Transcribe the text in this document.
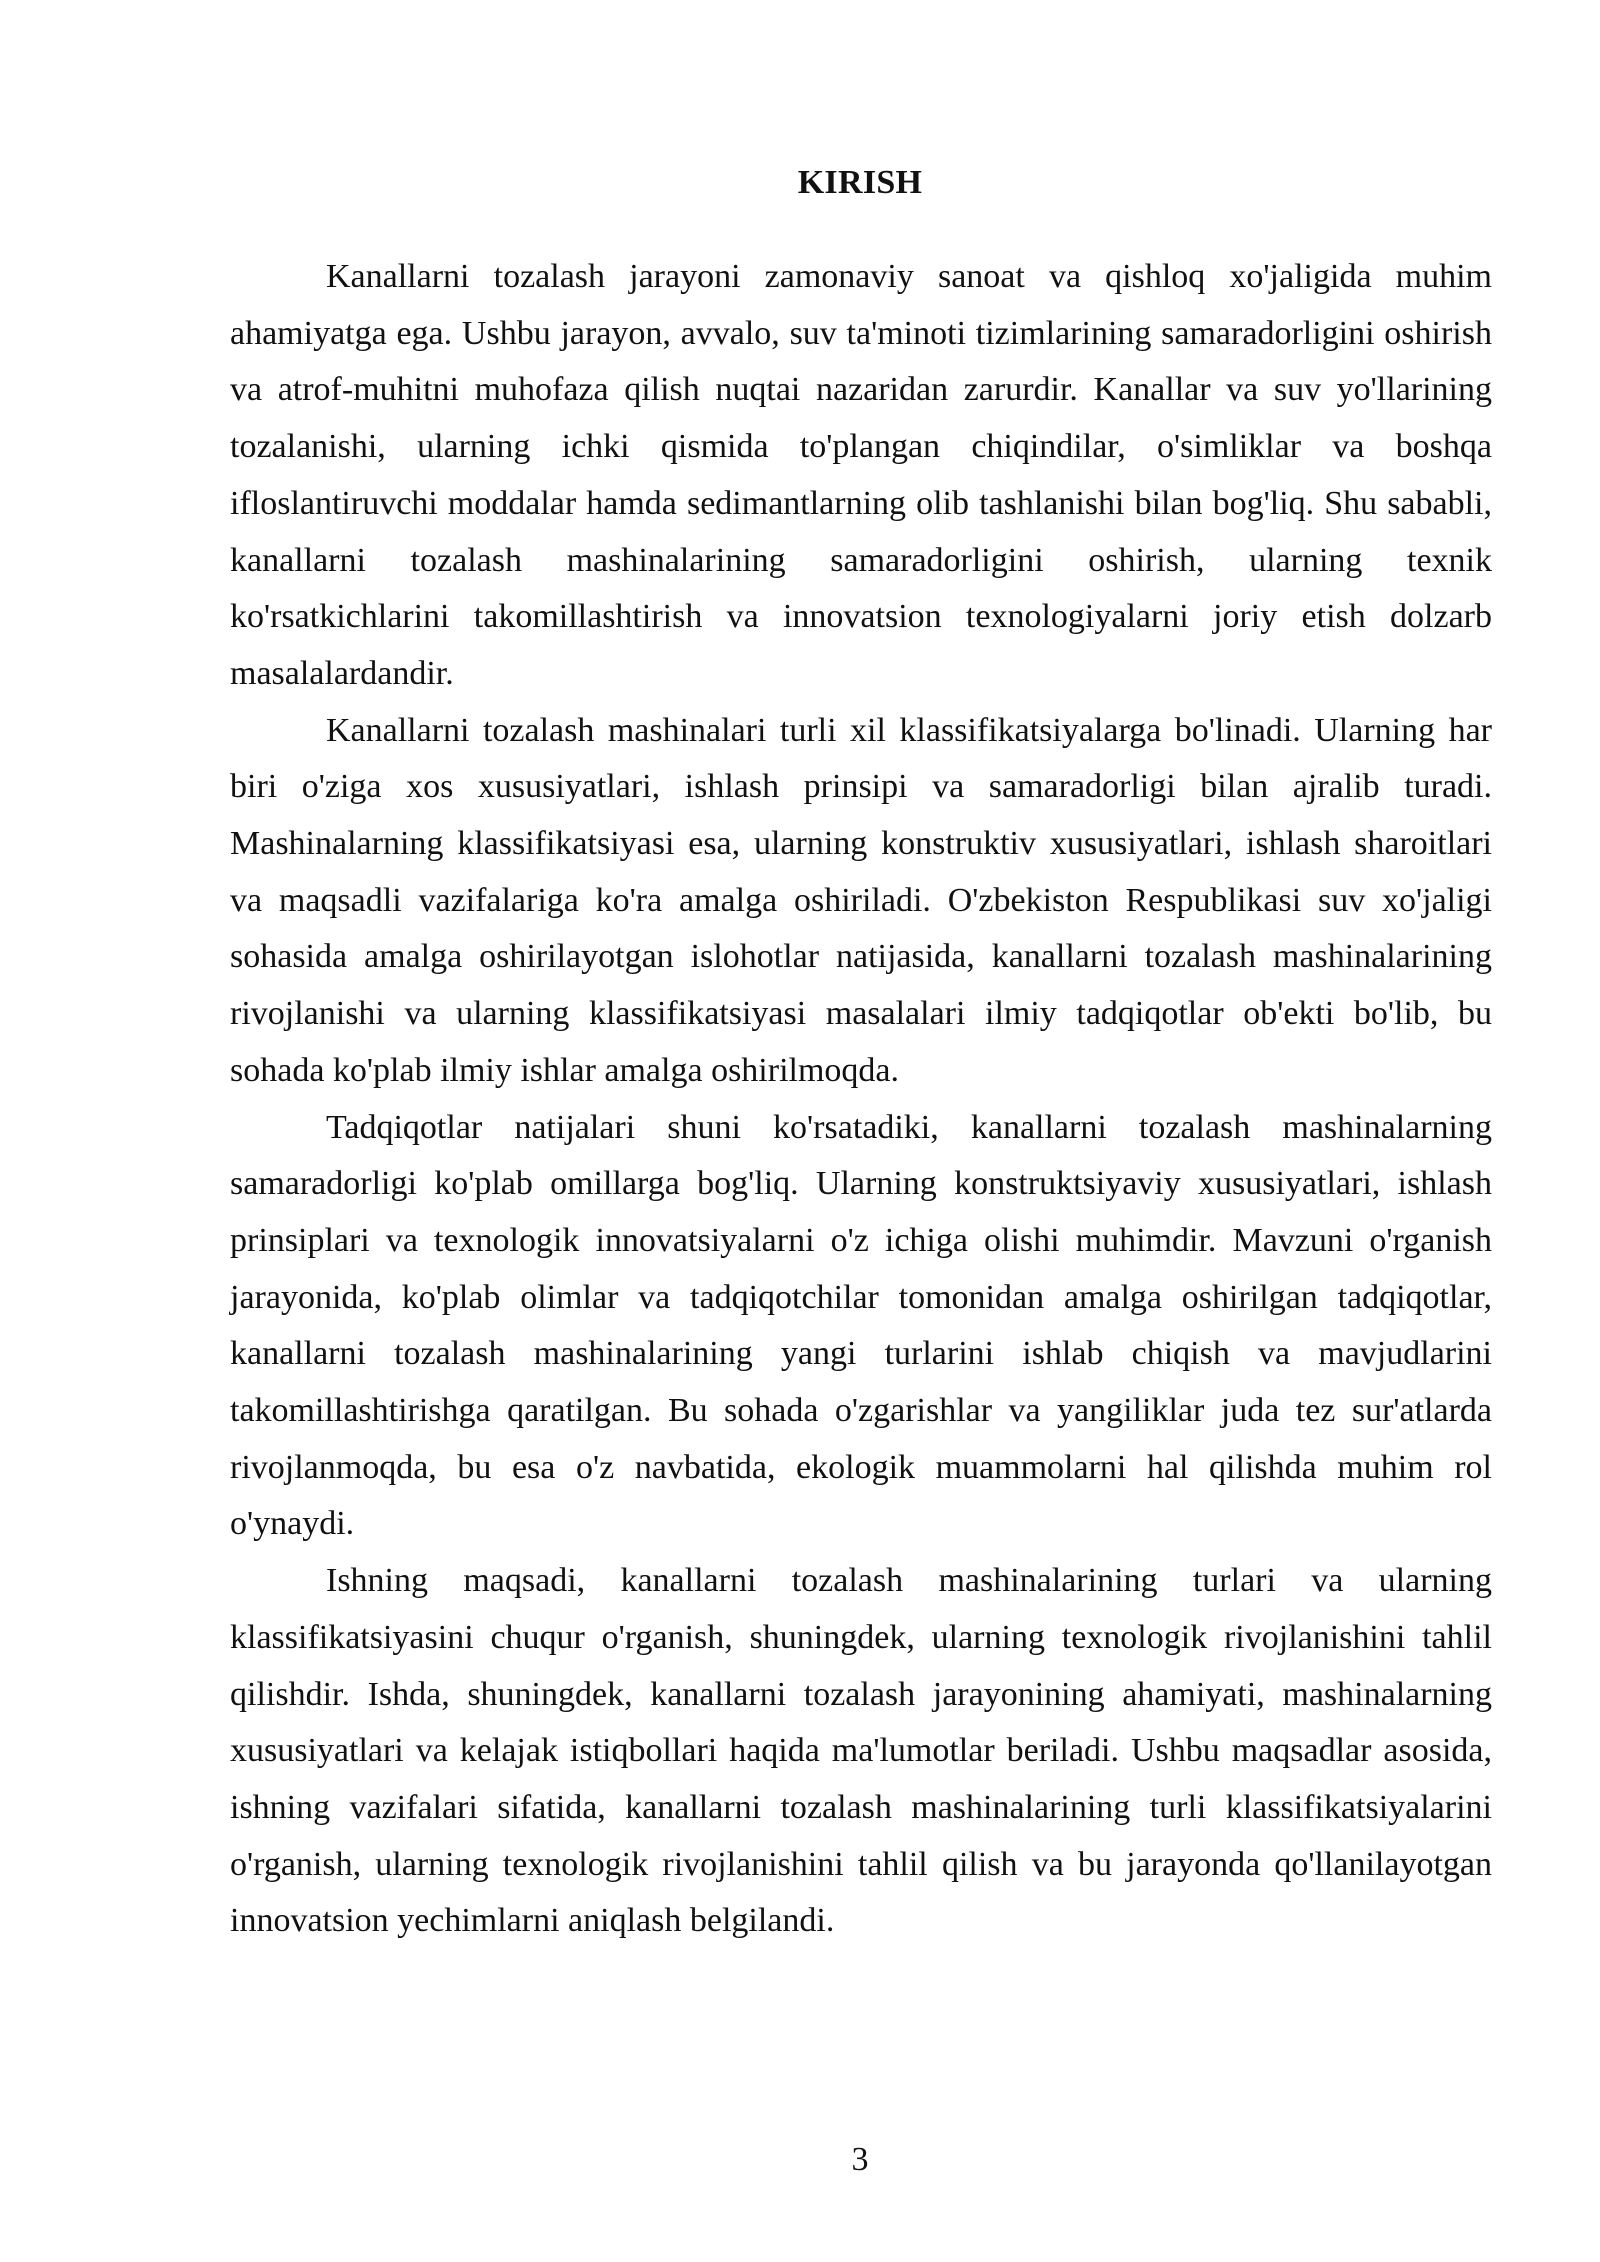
KIRISH

Kanallarni tozalash jarayoni zamonaviy sanoat va qishloq xo'jaligida muhim ahamiyatga ega. Ushbu jarayon, avvalo, suv ta'minoti tizimlarining samaradorligini oshirish va atrof-muhitni muhofaza qilish nuqtai nazaridan zarurdir. Kanallar va suv yo'llarining tozalanishi, ularning ichki qismida to'plangan chiqindilar, o'simliklar va boshqa ifloslantiruvchi moddalar hamda sedimantlarning olib tashlanishi bilan bog'liq. Shu sababli, kanallarni tozalash mashinalarining samaradorligini oshirish, ularning texnik ko'rsatkichlarini takomillashtirish va innovatsion texnologiyalarni joriy etish dolzarb masalalardandir.

Kanallarni tozalash mashinalari turli xil klassifikatsiyalarga bo'linadi. Ularning har biri o'ziga xos xususiyatlari, ishlash prinsipi va samaradorligi bilan ajralib turadi. Mashinalarning klassifikatsiyasi esa, ularning konstruktiv xususiyatlari, ishlash sharoitlari va maqsadli vazifalariga ko'ra amalga oshiriladi. O'zbekiston Respublikasi suv xo'jaligi sohasida amalga oshirilayotgan islohotlar natijasida, kanallarni tozalash mashinalarining rivojlanishi va ularning klassifikatsiyasi masalalari ilmiy tadqiqotlar ob'ekti bo'lib, bu sohada ko'plab ilmiy ishlar amalga oshirilmoqda.

Tadqiqotlar natijalari shuni ko'rsatadiki, kanallarni tozalash mashinalarning samaradorligi ko'plab omillarga bog'liq. Ularning konstruktsiyaviy xususiyatlari, ishlash prinsiplari va texnologik innovatsiyalarni o'z ichiga olishi muhimdir. Mavzuni o'rganish jarayonida, ko'plab olimlar va tadqiqotchilar tomonidan amalga oshirilgan tadqiqotlar, kanallarni tozalash mashinalarining yangi turlarini ishlab chiqish va mavjudlarini takomillashtirishga qaratilgan. Bu sohada o'zgarishlar va yangiliklar juda tez sur'atlarda rivojlanmoqda, bu esa o'z navbatida, ekologik muammolarni hal qilishda muhim rol o'ynaydi.

Ishning maqsadi, kanallarni tozalash mashinalarining turlari va ularning klassifikatsiyasini chuqur o'rganish, shuningdek, ularning texnologik rivojlanishini tahlil qilishdir. Ishda, shuningdek, kanallarni tozalash jarayonining ahamiyati, mashinalarning xususiyatlari va kelajak istiqbollari haqida ma'lumotlar beriladi. Ushbu maqsadlar asosida, ishning vazifalari sifatida, kanallarni tozalash mashinalarining turli klassifikatsiyalarini o'rganish, ularning texnologik rivojlanishini tahlil qilish va bu jarayonda qo'llanilayotgan innovatsion yechimlarni aniqlash belgilandi.

3
